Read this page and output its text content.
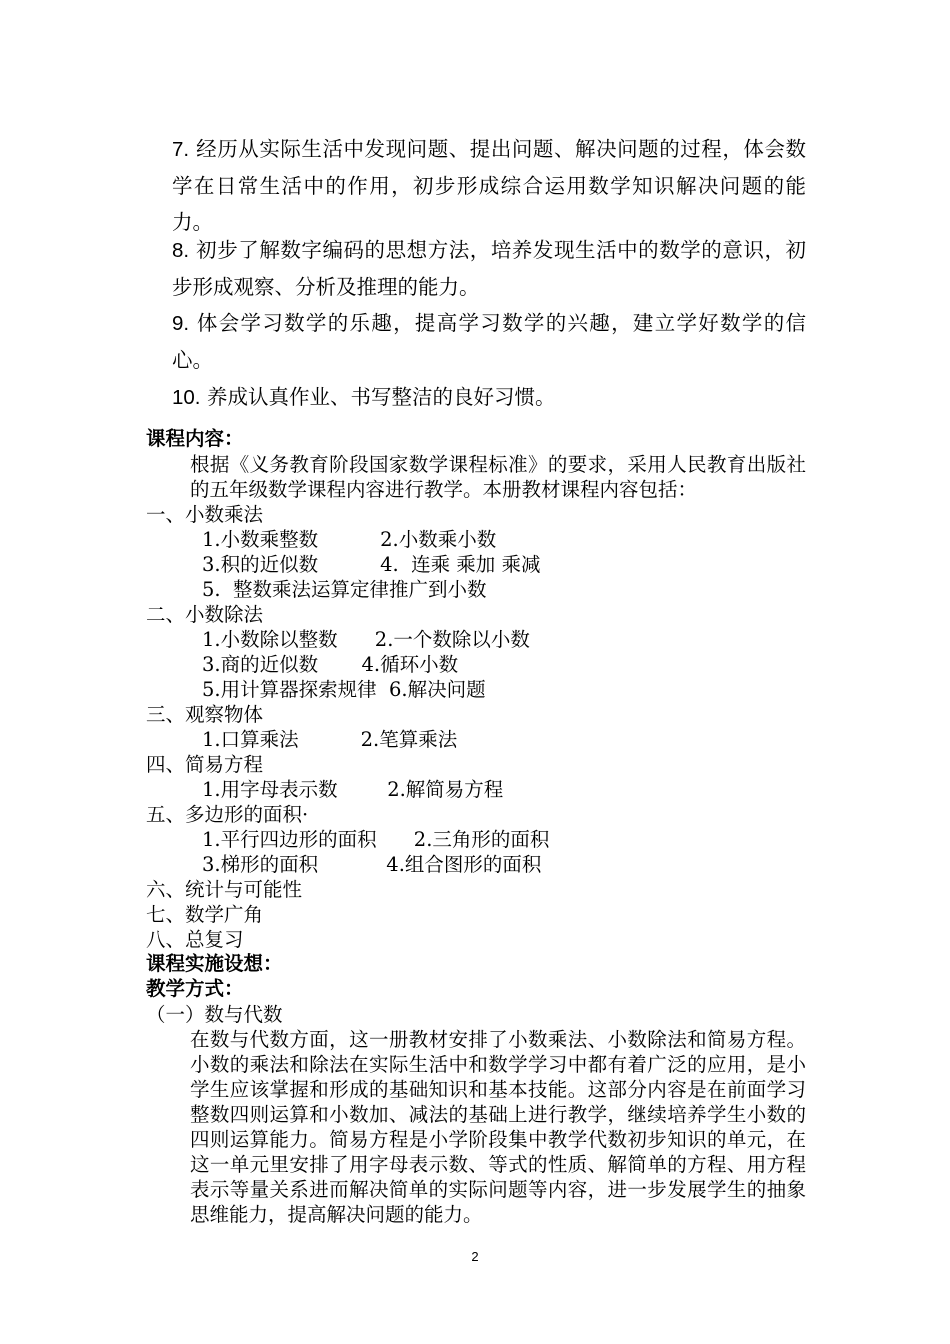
7. 经历从实际生活中发现问题、提出问题、解决问题的过程，体会数学在日常生活中的作用，初步形成综合运用数学知识解决问题的能力。
8. 初步了解数字编码的思想方法，培养发现生活中的数学的意识，初步形成观察、分析及推理的能力。
9. 体会学习数学的乐趣，提高学习数学的兴趣，建立学好数学的信心。
10. 养成认真作业、书写整洁的良好习惯。

课程内容：

根据《义务教育阶段国家数学课程标准》的要求，采用人民教育出版社的五年级数学课程内容进行教学。本册教材课程内容包括：

一、小数乘法

1.小数乘整数          2.小数乘小数

3.积的近似数          4.  连乘 乘加 乘减

5.  整数乘法运算定律推广到小数

二、小数除法

1.小数除以整数      2.一个数除以小数

3.商的近似数       4.循环小数

5.用计算器探索规律  6.解决问题

三、观察物体

1.口算乘法          2.笔算乘法

四、简易方程

1.用字母表示数        2.解简易方程

五、多边形的面积·

1.平行四边形的面积      2.三角形的面积

3.梯形的面积           4.组合图形的面积

六、统计与可能性

七、数学广角

八、总复习

课程实施设想：

教学方式：

（一）数与代数

在数与代数方面，这一册教材安排了小数乘法、小数除法和简易方程。小数的乘法和除法在实际生活中和数学学习中都有着广泛的应用，是小学生应该掌握和形成的基础知识和基本技能。这部分内容是在前面学习整数四则运算和小数加、减法的基础上进行教学，继续培养学生小数的四则运算能力。简易方程是小学阶段集中教学代数初步知识的单元，在这一单元里安排了用字母表示数、等式的性质、解简单的方程、用方程表示等量关系进而解决简单的实际问题等内容，进一步发展学生的抽象思维能力，提高解决问题的能力。

2
